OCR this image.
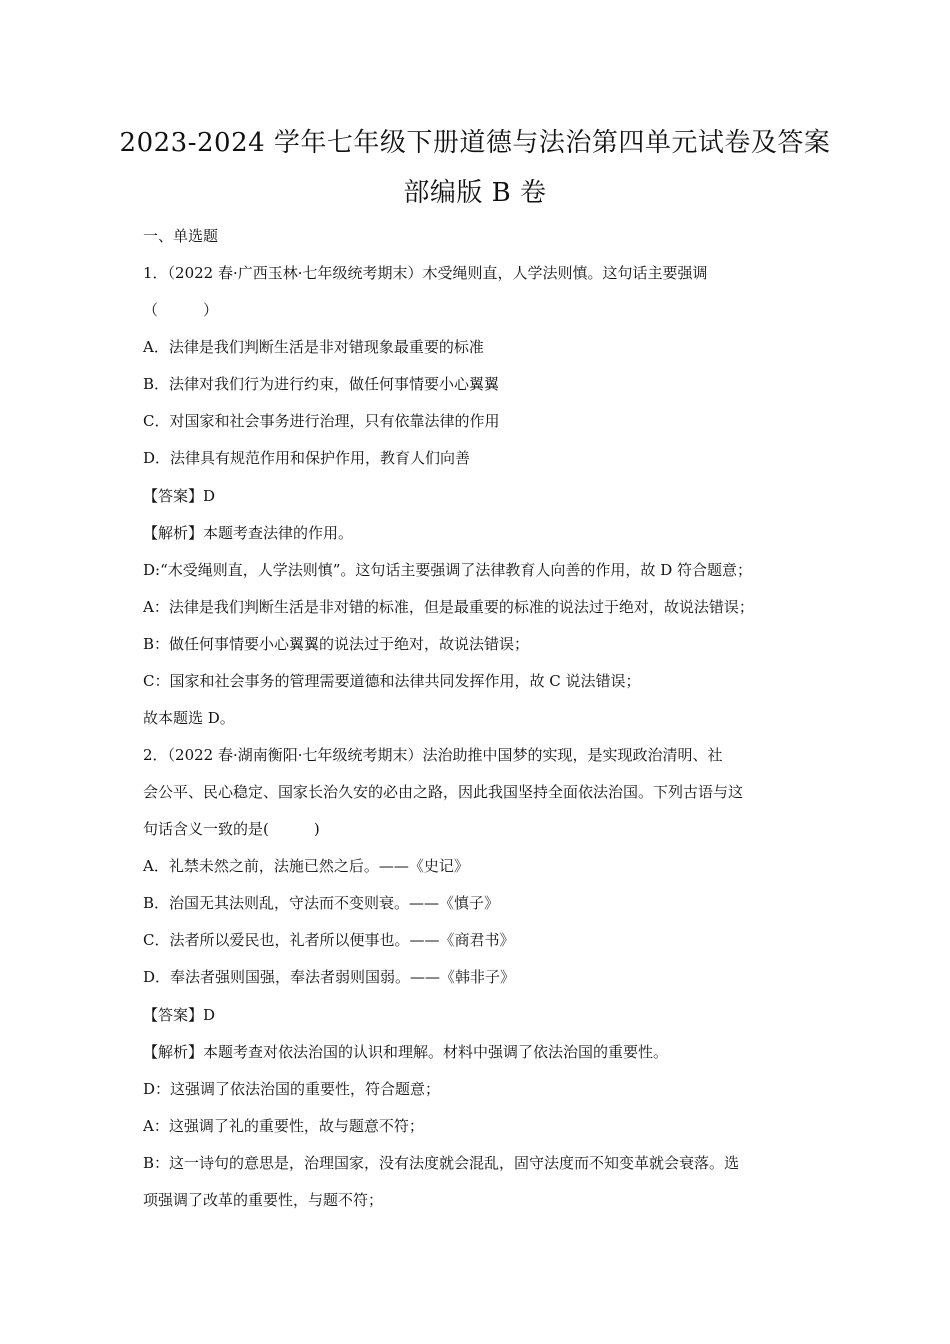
2023-2024 学年七年级下册道德与法治第四单元试卷及答案
部编版 B 卷
一、单选题
1．（2022 春·广西玉林·七年级统考期末）木受绳则直，人学法则慎。这句话主要强调
（　　　）
A．法律是我们判断生活是非对错现象最重要的标准
B．法律对我们行为进行约束，做任何事情要小心翼翼
C．对国家和社会事务进行治理，只有依靠法律的作用
D．法律具有规范作用和保护作用，教育人们向善
【答案】D
【解析】本题考查法律的作用。
D:“木受绳则直，人学法则慎”。这句话主要强调了法律教育人向善的作用，故 D 符合题意；
A：法律是我们判断生活是非对错的标准，但是最重要的标准的说法过于绝对，故说法错误；
B：做任何事情要小心翼翼的说法过于绝对，故说法错误；
C：国家和社会事务的管理需要道德和法律共同发挥作用，故 C 说法错误；
故本题选 D。
2．（2022 春·湖南衡阳·七年级统考期末）法治助推中国梦的实现，是实现政治清明、社
会公平、民心稳定、国家长治久安的必由之路，因此我国坚持全面依法治国。下列古语与这
句话含义一致的是(　　　)
A．礼禁未然之前，法施已然之后。——《史记》
B．治国无其法则乱，守法而不变则衰。——《慎子》
C．法者所以爱民也，礼者所以便事也。——《商君书》
D．奉法者强则国强，奉法者弱则国弱。——《韩非子》
【答案】D
【解析】本题考查对依法治国的认识和理解。材料中强调了依法治国的重要性。
D：这强调了依法治国的重要性，符合题意；
A：这强调了礼的重要性，故与题意不符；
B：这一诗句的意思是，治理国家，没有法度就会混乱，固守法度而不知变革就会衰落。选
项强调了改革的重要性，与题不符；
